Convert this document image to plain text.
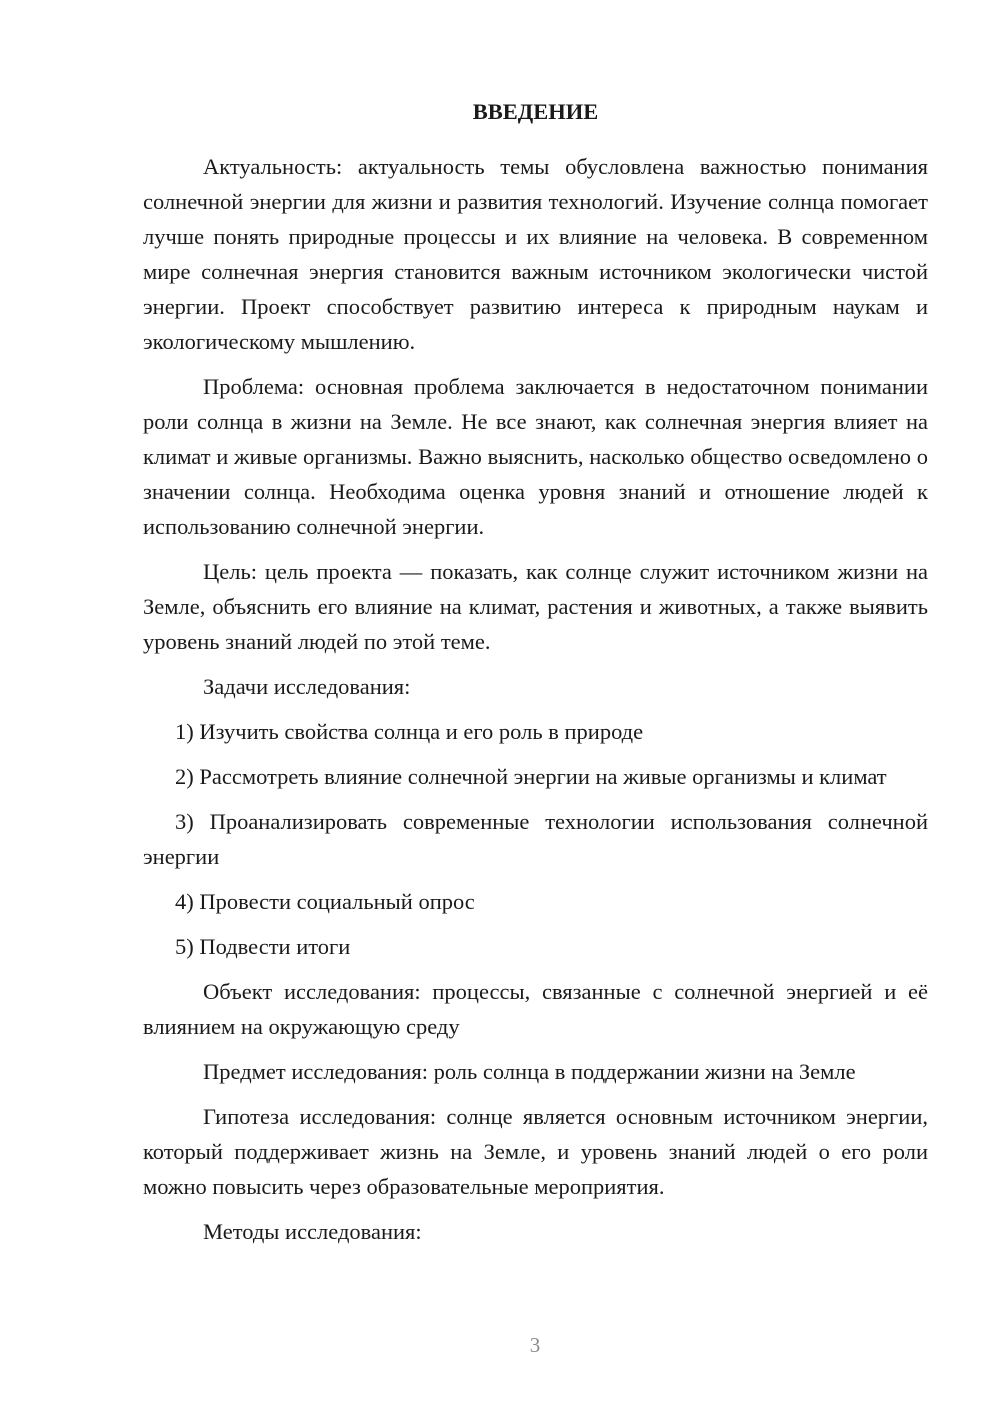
ВВЕДЕНИЕ

Актуальность: актуальность темы обусловлена важностью понимания солнечной энергии для жизни и развития технологий. Изучение солнца помогает лучше понять природные процессы и их влияние на человека. В современном мире солнечная энергия становится важным источником экологически чистой энергии. Проект способствует развитию интереса к природным наукам и экологическому мышлению.

Проблема: основная проблема заключается в недостаточном понимании роли солнца в жизни на Земле. Не все знают, как солнечная энергия влияет на климат и живые организмы. Важно выяснить, насколько общество осведомлено о значении солнца. Необходима оценка уровня знаний и отношение людей к использованию солнечной энергии.

Цель: цель проекта — показать, как солнце служит источником жизни на Земле, объяснить его влияние на климат, растения и животных, а также выявить уровень знаний людей по этой теме.

Задачи исследования:

1) Изучить свойства солнца и его роль в природе

2) Рассмотреть влияние солнечной энергии на живые организмы и климат

3) Проанализировать современные технологии использования солнечной энергии

4) Провести социальный опрос

5) Подвести итоги

Объект исследования: процессы, связанные с солнечной энергией и её влиянием на окружающую среду

Предмет исследования: роль солнца в поддержании жизни на Земле

Гипотеза исследования: солнце является основным источником энергии, который поддерживает жизнь на Земле, и уровень знаний людей о его роли можно повысить через образовательные мероприятия.

Методы исследования:

3
